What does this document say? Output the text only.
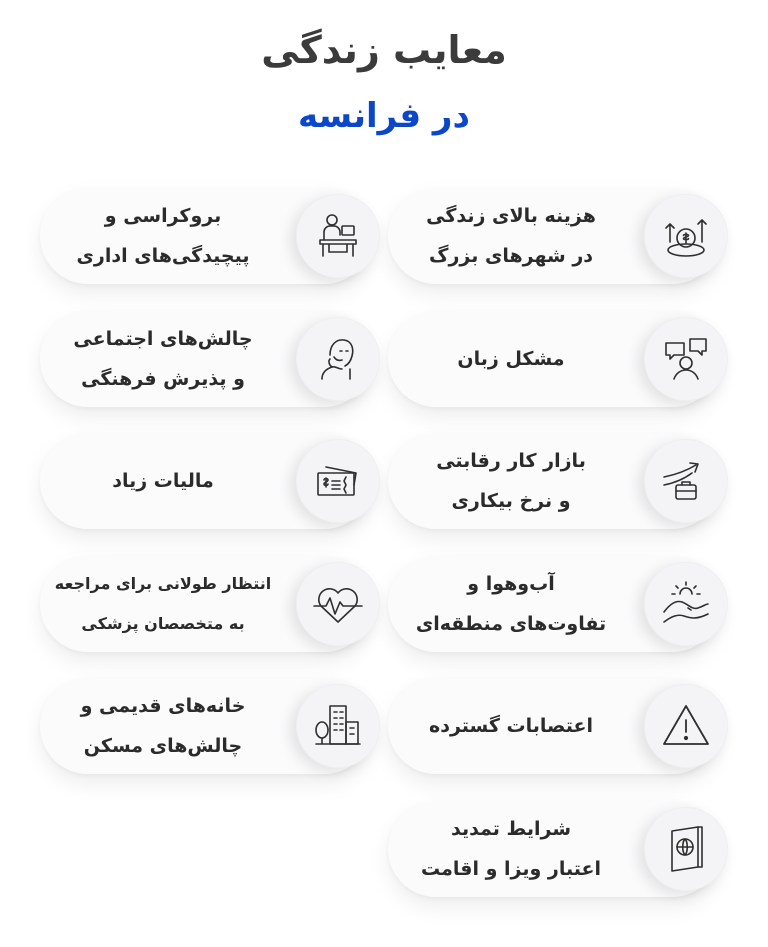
معایب زندگی
در فرانسه
هزینه بالای زندگی
در شهرهای بزرگ
بروکراسی و
پیچیدگی‌های اداری
مشکل زبان
چالش‌های اجتماعی
و پذیرش فرهنگی
بازار کار رقابتی
و نرخ بیکاری
مالیات زیاد
آب‌وهوا و
تفاوت‌های منطقه‌ای
انتظار طولانی برای مراجعه
به متخصصان پزشکی
اعتصابات گسترده
خانه‌های قدیمی و
چالش‌های مسکن
شرایط تمدید
اعتبار ویزا و اقامت
